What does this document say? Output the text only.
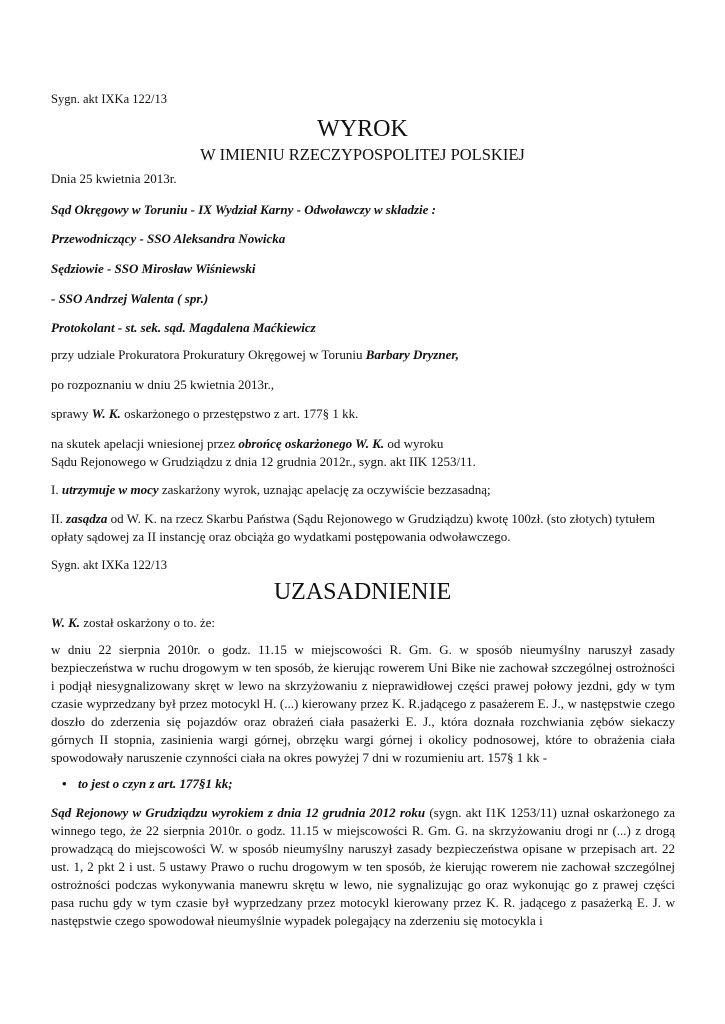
Sygn. akt IXKa 122/13

WYROK
W IMIENIU RZECZYPOSPOLITEJ POLSKIEJ

Dnia 25 kwietnia 2013r.

Sąd Okręgowy w Toruniu - IX Wydział Karny - Odwoławczy w składzie :

Przewodniczący - SSO Aleksandra Nowicka

Sędziowie - SSO Mirosław Wiśniewski

- SSO Andrzej Walenta ( spr.)

Protokolant - st. sek. sąd. Magdalena Maćkiewicz

przy udziale Prokuratora Prokuratury Okręgowej w Toruniu Barbary Dryzner,

po rozpoznaniu w dniu 25 kwietnia 2013r.,

sprawy W. K. oskarżonego o przestępstwo z art. 177§ 1 kk.

na skutek apelacji wniesionej przez obrońcę oskarżonego W. K. od wyroku
Sądu Rejonowego w Grudziądzu z dnia 12 grudnia 2012r., sygn. akt IIK 1253/11.

I. utrzymuje w mocy zaskarżony wyrok, uznając apelację za oczywiście bezzasadną;

II. zasądza od W. K. na rzecz Skarbu Państwa (Sądu Rejonowego w Grudziądzu) kwotę 100zł. (sto złotych) tytułem opłaty sądowej za II instancję oraz obciąża go wydatkami postępowania odwoławczego.

Sygn. akt IXKa 122/13

UZASADNIENIE

W. K. został oskarżony o to. że:

w dniu 22 sierpnia 2010r. o godz. 11.15 w miejscowości R. Gm. G. w sposób nieumyślny naruszył zasady bezpieczeństwa w ruchu drogowym w ten sposób, że kierując rowerem Uni Bike nie zachował szczególnej ostrożności i podjął niesygnalizowany skręt w lewo na skrzyżowaniu z nieprawidłowej części prawej połowy jezdni, gdy w tym czasie wyprzedzany był przez motocykl H. (...) kierowany przez K. R.jadącego z pasażerem E. J., w następstwie czego doszło do zderzenia się pojazdów oraz obrażeń ciała pasażerki E. J., która doznała rozchwiania zębów siekaczy górnych II stopnia, zasinienia wargi górnej, obrzęku wargi górnej i okolicy podnosowej, które to obrażenia ciała spowodowały naruszenie czynności ciała na okres powyżej 7 dni w rozumieniu art. 157§ 1 kk -

• to jest o czyn z art. 177§1 kk;

Sąd Rejonowy w Grudziądzu wyrokiem z dnia 12 grudnia 2012 roku (sygn. akt I1K 1253/11) uznał oskarżonego za winnego tego, że 22 sierpnia 2010r. o godz. 11.15 w miejscowości R. Gm. G. na skrzyżowaniu drogi nr (...) z drogą prowadzącą do miejscowości W. w sposób nieumyślny naruszył zasady bezpieczeństwa opisane w przepisach art. 22 ust. 1, 2 pkt 2 i ust. 5 ustawy Prawo o ruchu drogowym w ten sposób, że kierując rowerem nie zachował szczególnej ostrożności podczas wykonywania manewru skrętu w lewo, nie sygnalizując go oraz wykonując go z prawej części pasa ruchu gdy w tym czasie był wyprzedzany przez motocykl kierowany przez K. R. jadącego z pasażerką E. J. w następstwie czego spowodował nieumyślnie wypadek polegający na zderzeniu się motocykla i
